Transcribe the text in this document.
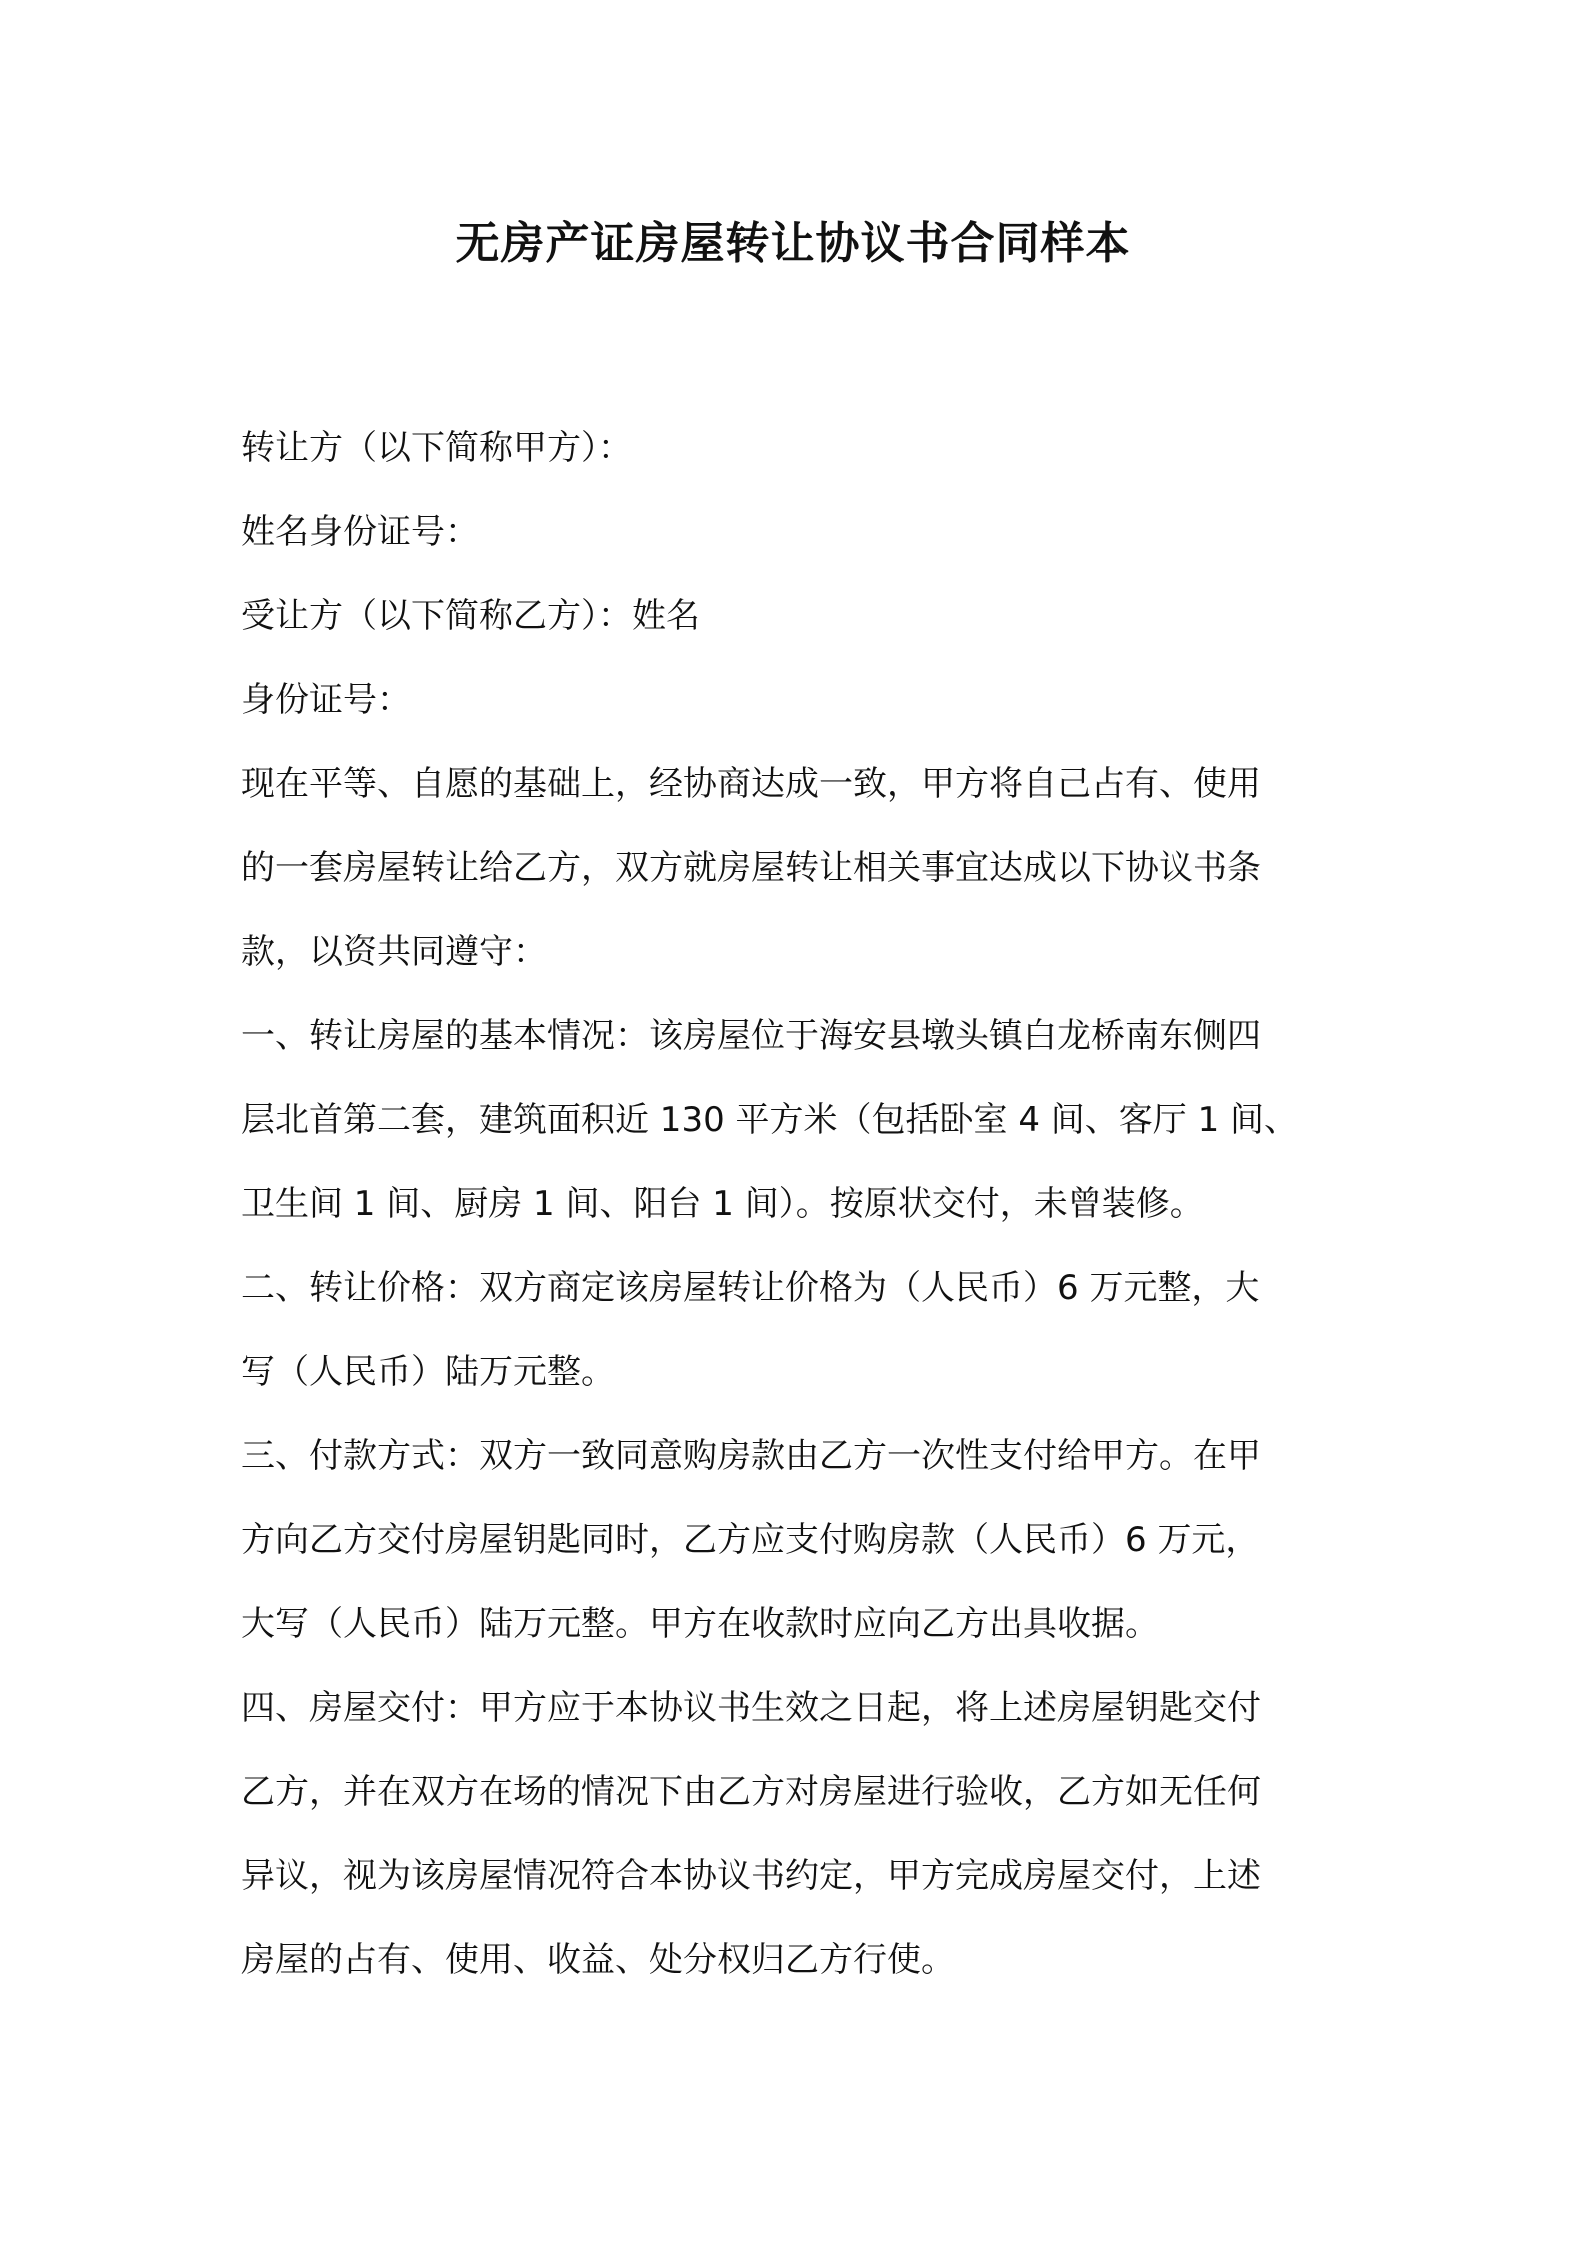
无房产证房屋转让协议书合同样本
转让方（以下简称甲方）：
姓名身份证号：
受让方（以下简称乙方）：姓名
身份证号：
现在平等、自愿的基础上，经协商达成一致，甲方将自己占有、使用
的一套房屋转让给乙方，双方就房屋转让相关事宜达成以下协议书条
款，以资共同遵守：
一、转让房屋的基本情况：该房屋位于海安县墩头镇白龙桥南东侧四
层北首第二套，建筑面积近 130 平方米（包括卧室 4 间、客厅 1 间、
卫生间 1 间、厨房 1 间、阳台 1 间）。按原状交付，未曾装修。
二、转让价格：双方商定该房屋转让价格为（人民币）6 万元整，大
写（人民币）陆万元整。
三、付款方式：双方一致同意购房款由乙方一次性支付给甲方。在甲
方向乙方交付房屋钥匙同时，乙方应支付购房款（人民币）6 万元，
大写（人民币）陆万元整。甲方在收款时应向乙方出具收据。
四、房屋交付：甲方应于本协议书生效之日起，将上述房屋钥匙交付
乙方，并在双方在场的情况下由乙方对房屋进行验收，乙方如无任何
异议，视为该房屋情况符合本协议书约定，甲方完成房屋交付，上述
房屋的占有、使用、收益、处分权归乙方行使。
